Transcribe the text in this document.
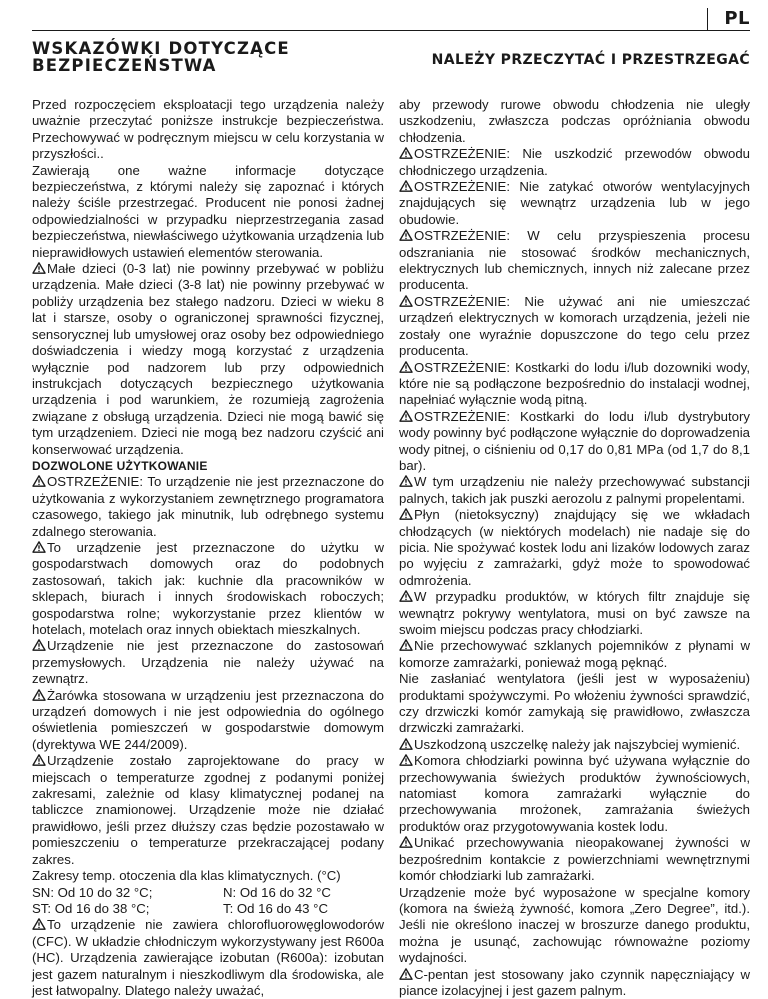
PL
WSKAZÓWKI DOTYCZĄCE
BEZPIECZEŃSTWA	NALEŻY PRZECZYTAĆ I PRZESTRZEGAĆ

Przed rozpoczęciem eksploatacji tego urządzenia należy uważnie przeczytać poniższe instrukcje bezpieczeństwa. Przechowywać w podręcznym miejscu w celu korzystania w przyszłości..

Zawierają one ważne informacje dotyczące bezpieczeństwa, z którymi należy się zapoznać i których należy ściśle przestrzegać. Producent nie ponosi żadnej odpowiedzialności w przypadku nieprzestrzegania zasad bezpieczeństwa, niewłaściwego użytkowania urządzenia lub nieprawidłowych ustawień elementów sterowania.

Małe dzieci (0-3 lat) nie powinny przebywać w pobliżu urządzenia. Małe dzieci (3-8 lat) nie powinny przebywać w pobliży urządzenia bez stałego nadzoru. Dzieci w wieku 8 lat i starsze, osoby o ograniczonej sprawności fizycznej, sensorycznej lub umysłowej oraz osoby bez odpowiedniego doświadczenia i wiedzy mogą korzystać z urządzenia wyłącznie pod nadzorem lub przy odpowiednich instrukcjach dotyczących bezpiecznego użytkowania urządzenia i pod warunkiem, że rozumieją zagrożenia związane z obsługą urządzenia. Dzieci nie mogą bawić się tym urządzeniem. Dzieci nie mogą bez nadzoru czyścić ani konserwować urządzenia.

DOZWOLONE UŻYTKOWANIE

OSTRZEŻENIE: To urządzenie nie jest przeznaczone do użytkowania z wykorzystaniem zewnętrznego programatora czasowego, takiego jak minutnik, lub odrębnego systemu zdalnego sterowania.

To urządzenie jest przeznaczone do użytku w gospodarstwach domowych oraz do podobnych zastosowań, takich jak: kuchnie dla pracowników w sklepach, biurach i innych środowiskach roboczych; gospodarstwa rolne; wykorzystanie przez klientów w hotelach, motelach oraz innych obiektach mieszkalnych.

Urządzenie nie jest przeznaczone do zastosowań przemysłowych. Urządzenia nie należy używać na zewnątrz.

Żarówka stosowana w urządzeniu jest przeznaczona do urządzeń domowych i nie jest odpowiednia do ogólnego oświetlenia pomieszczeń w gospodarstwie domowym (dyrektywa WE 244/2009).

Urządzenie zostało zaprojektowane do pracy w miejscach o temperaturze zgodnej z podanymi poniżej zakresami, zależnie od klasy klimatycznej podanej na tabliczce znamionowej. Urządzenie może nie działać prawidłowo, jeśli przez dłuższy czas będzie pozostawało w pomieszczeniu o temperaturze przekraczającej podany zakres.

Zakresy temp. otoczenia dla klas klimatycznych. (°C)

SN: Od 10 do 32 °C;	N: Od 16 do 32 °C
ST: Od 16 do 38 °C;	T: Od 16 do 43 °C

To urządzenie nie zawiera chlorofluorowęglowodorów (CFC). W układzie chłodniczym wykorzystywany jest R600a (HC). Urządzenia zawierające izobutan (R600a): izobutan jest gazem naturalnym i nieszkodliwym dla środowiska, ale jest łatwopalny. Dlatego należy uważać,

aby przewody rurowe obwodu chłodzenia nie uległy uszkodzeniu, zwłaszcza podczas opróżniania obwodu chłodzenia.

OSTRZEŻENIE: Nie uszkodzić przewodów obwodu chłodniczego urządzenia.

OSTRZEŻENIE: Nie zatykać otworów wentylacyjnych znajdujących się wewnątrz urządzenia lub w jego obudowie.

OSTRZEŻENIE: W celu przyspieszenia procesu odszraniania nie stosować środków mechanicznych, elektrycznych lub chemicznych, innych niż zalecane przez producenta.

OSTRZEŻENIE: Nie używać ani nie umieszczać urządzeń elektrycznych w komorach urządzenia, jeżeli nie zostały one wyraźnie dopuszczone do tego celu przez producenta.

OSTRZEŻENIE: Kostkarki do lodu i/lub dozowniki wody, które nie są podłączone bezpośrednio do instalacji wodnej, napełniać wyłącznie wodą pitną.

OSTRZEŻENIE: Kostkarki do lodu i/lub dystrybutory wody powinny być podłączone wyłącznie do doprowadzenia wody pitnej, o ciśnieniu od 0,17 do 0,81 MPa (od 1,7 do 8,1 bar).

W tym urządzeniu nie należy przechowywać substancji palnych, takich jak puszki aerozolu z palnymi propelentami.

Płyn (nietoksyczny) znajdujący się we wkładach chłodzących (w niektórych modelach) nie nadaje się do picia. Nie spożywać kostek lodu ani lizaków lodowych zaraz po wyjęciu z zamrażarki, gdyż może to spowodować odmrożenia.

W przypadku produktów, w których filtr znajduje się wewnątrz pokrywy wentylatora, musi on być zawsze na swoim miejscu podczas pracy chłodziarki.

Nie przechowywać szklanych pojemników z płynami w komorze zamrażarki, ponieważ mogą pęknąć.

Nie zasłaniać wentylatora (jeśli jest w wyposażeniu) produktami spożywczymi. Po włożeniu żywności sprawdzić, czy drzwiczki komór zamykają się prawidłowo, zwłaszcza drzwiczki zamrażarki.

Uszkodzoną uszczelkę należy jak najszybciej wymienić.

Komora chłodziarki powinna być używana wyłącznie do przechowywania świeżych produktów żywnościowych, natomiast komora zamrażarki wyłącznie do przechowywania mrożonek, zamrażania świeżych produktów oraz przygotowywania kostek lodu.

Unikać przechowywania nieopakowanej żywności w bezpośrednim kontakcie z powierzchniami wewnętrznymi komór chłodziarki lub zamrażarki.

Urządzenie może być wyposażone w specjalne komory (komora na świeżą żywność, komora „Zero Degree”, itd.). Jeśli nie określono inaczej w broszurze danego produktu, można je usunąć, zachowując równoważne poziomy wydajności.

C-pentan jest stosowany jako czynnik napęczniający w piance izolacyjnej i jest gazem palnym.
